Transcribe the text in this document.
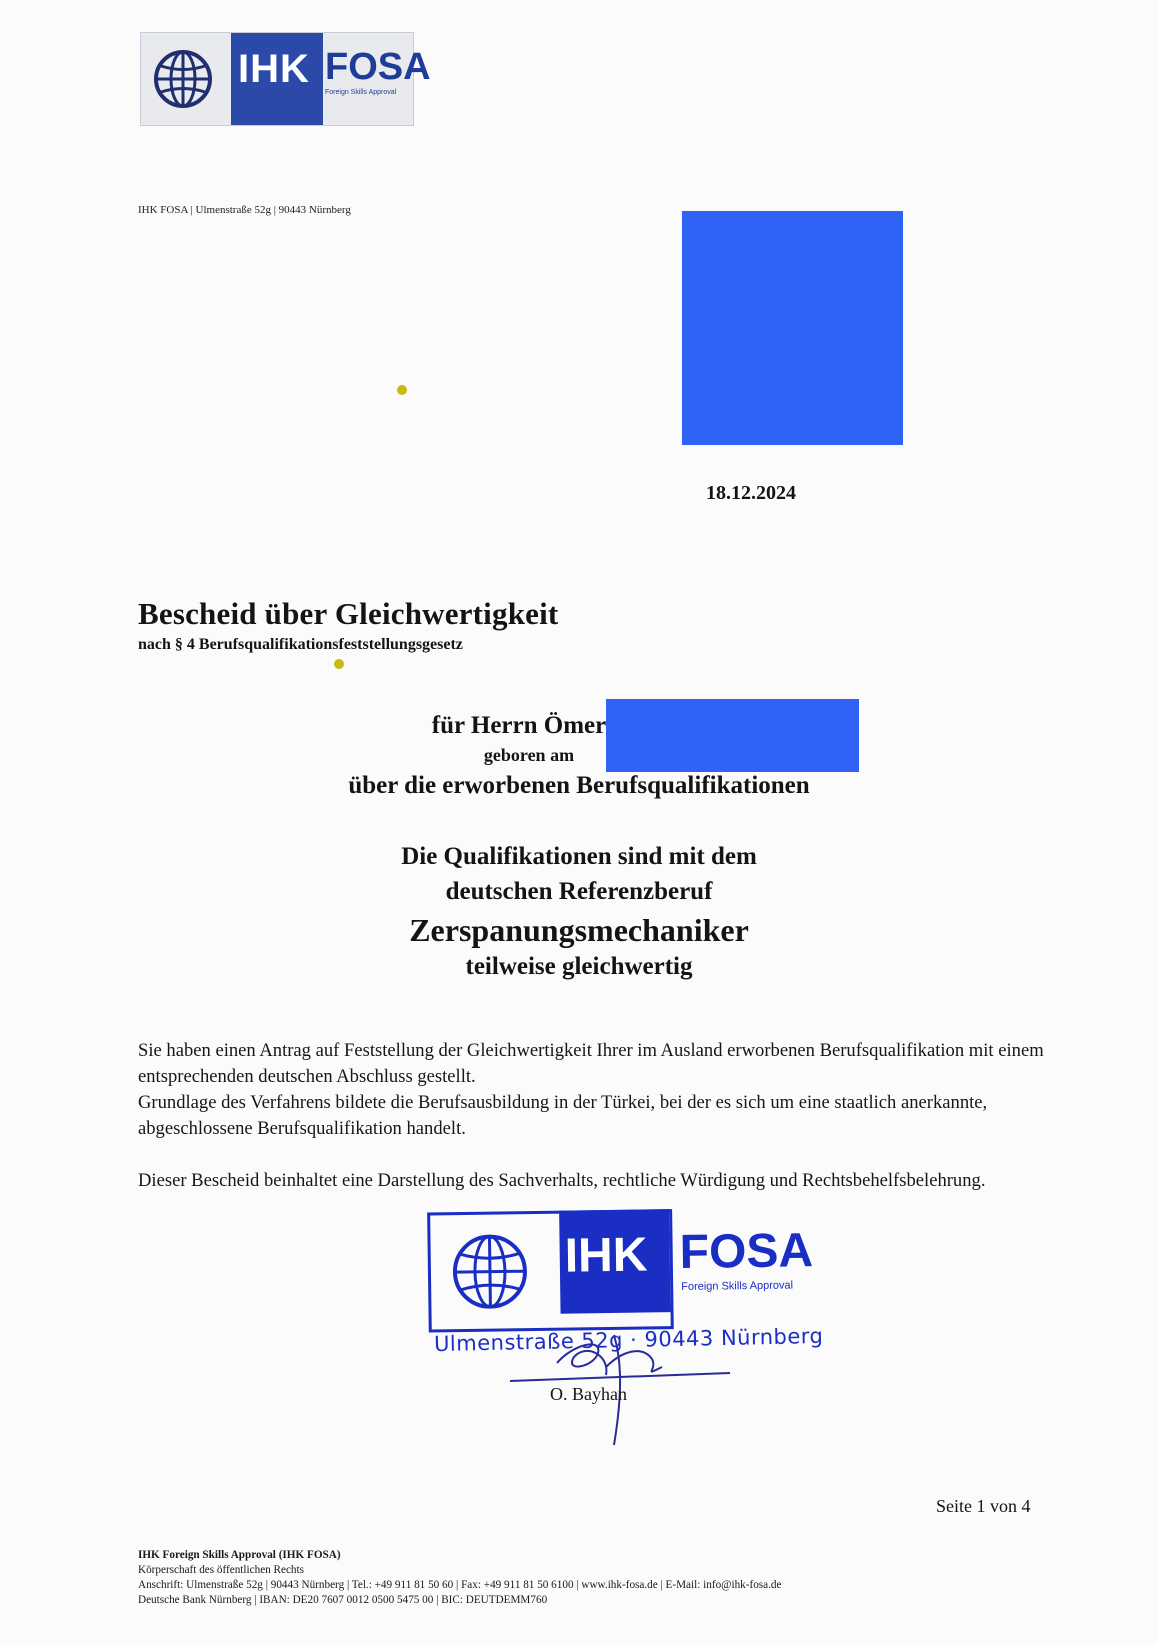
IHK FOSA
Foreign Skills Approval
IHK FOSA | Ulmenstraße 52g | 90443 Nürnberg
18.12.2024
Bescheid über Gleichwertigkeit
nach § 4 Berufsqualifikationsfeststellungsgesetz
für Herrn Ömer
geboren am
über die erworbenen Berufsqualifikationen
Die Qualifikationen sind mit dem
deutschen Referenzberuf
Zerspanungsmechaniker
teilweise gleichwertig
Sie haben einen Antrag auf Feststellung der Gleichwertigkeit Ihrer im Ausland erworbenen Berufsqualifikation mit einem entsprechenden deutschen Abschluss gestellt.
Grundlage des Verfahrens bildete die Berufsausbildung in der Türkei, bei der es sich um eine staatlich anerkannte, abgeschlossene Berufsqualifikation handelt.
Dieser Bescheid beinhaltet eine Darstellung des Sachverhalts, rechtliche Würdigung und Rechtsbehelfsbelehrung.
IHK FOSA
Foreign Skills Approval
Ulmenstraße 52g · 90443 Nürnberg
O. Bayhan
Seite 1 von 4
IHK Foreign Skills Approval (IHK FOSA)
Körperschaft des öffentlichen Rechts
Anschrift: Ulmenstraße 52g | 90443 Nürnberg | Tel.: +49 911 81 50 60 | Fax: +49 911 81 50 6100 | www.ihk-fosa.de | E-Mail: info@ihk-fosa.de
Deutsche Bank Nürnberg | IBAN: DE20 7607 0012 0500 5475 00 | BIC: DEUTDEMM760
